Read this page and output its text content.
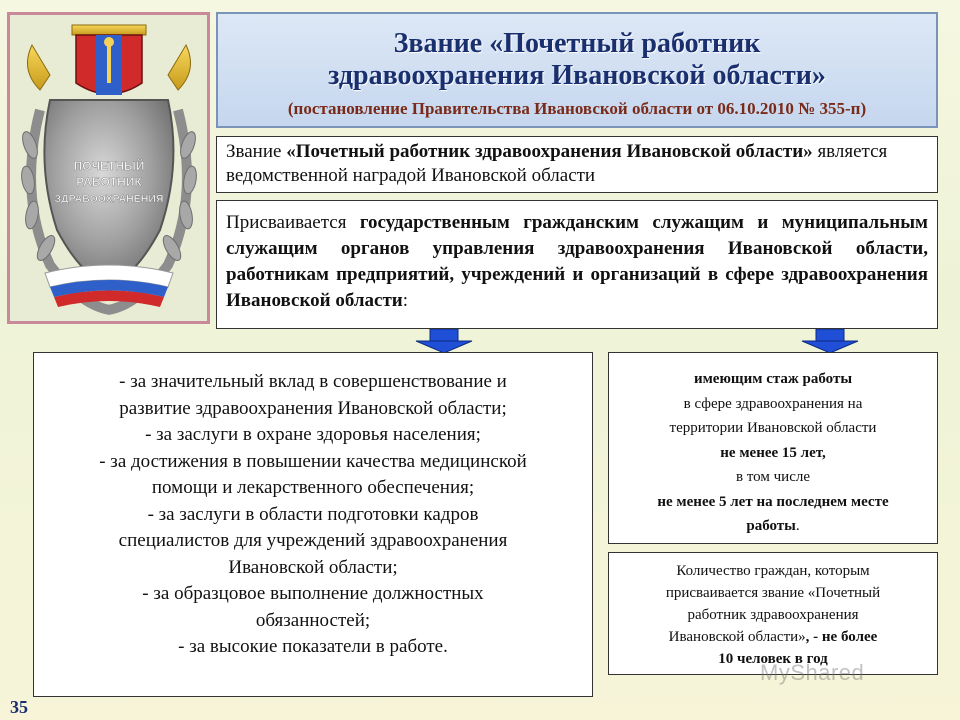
ПОЧЕТНЫЙ
РАБОТНИК
ЗДРАВООХРАНЕНИЯ
Звание «Почетный работник
здравоохранения Ивановской области»
(постановление Правительства Ивановской области от 06.10.2010 № 355-п)
Звание «Почетный работник здравоохранения Ивановской области» является ведомственной наградой Ивановской области
Присваивается государственным гражданским служащим и муниципальным служащим органов управления здравоохранения Ивановской области, работникам предприятий, учреждений и организаций в сфере здравоохранения Ивановской области:
- за значительный вклад в совершенствование и
развитие здравоохранения Ивановской области;
- за заслуги в охране здоровья населения;
- за достижения в повышении качества медицинской
помощи и лекарственного обеспечения;
- за заслуги в области подготовки кадров
специалистов для учреждений здравоохранения
Ивановской области;
- за образцовое выполнение должностных
обязанностей;
- за высокие показатели в работе.
имеющим стаж работы
в сфере здравоохранения на
территории Ивановской области
не менее 15 лет,
в том числе
не менее 5 лет на последнем месте
работы.
Количество граждан, которым
присваивается звание «Почетный
работник здравоохранения
Ивановской области», - не более
10 человек в год
35
MyShared
